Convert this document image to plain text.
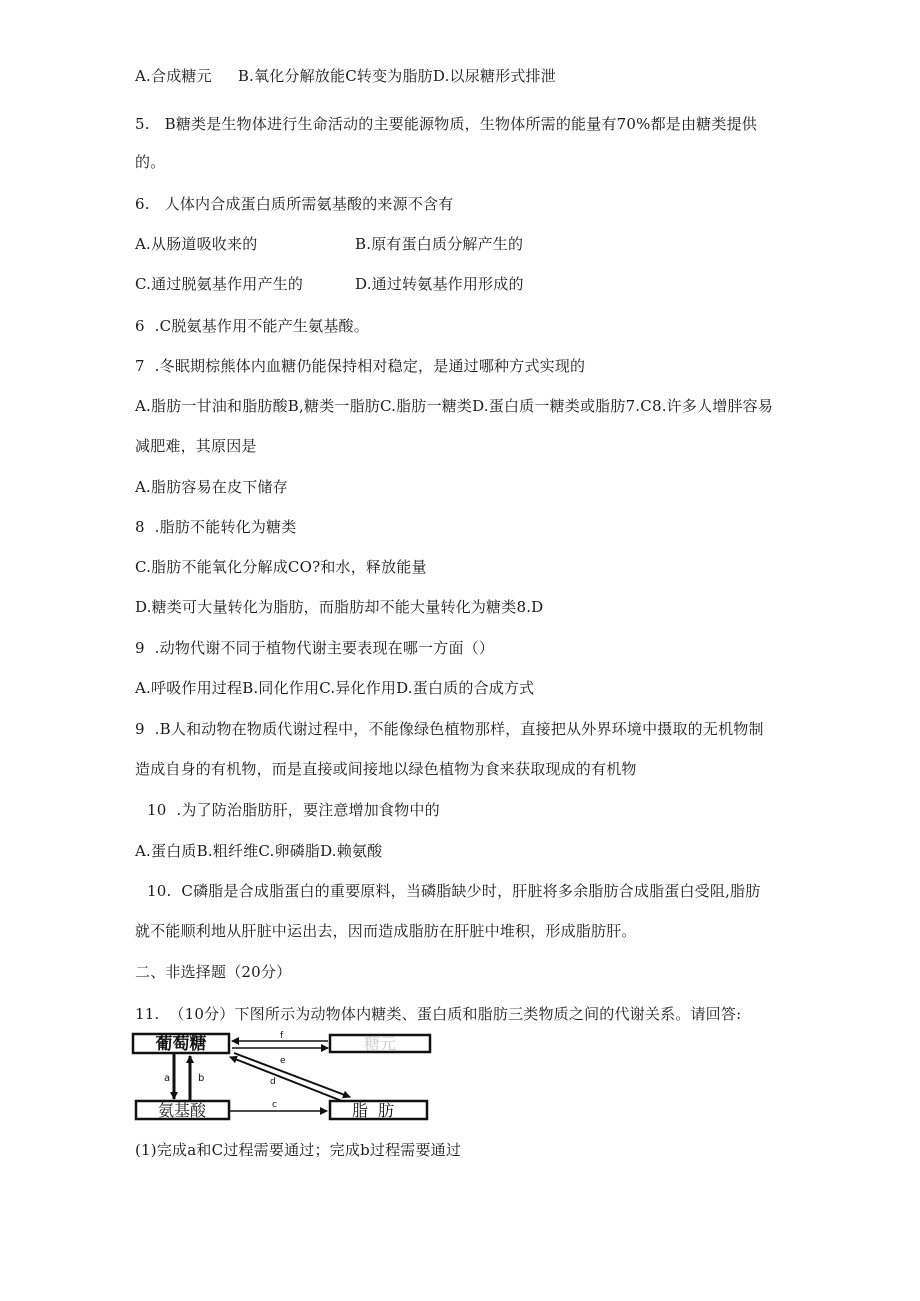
A.合成糖元 B.氧化分解放能C转变为脂肪D.以尿糖形式排泄
5.   B糖类是生物体进行生命活动的主要能源物质，生物体所需的能量有70%都是由糖类提供
的。
6.   人体内合成蛋白质所需氨基酸的来源不含有
A.从肠道吸收来的	B.原有蛋白质分解产生的
C.通过脱氨基作用产生的	D.通过转氨基作用形成的
6  .C脱氨基作用不能产生氨基酸。
7  .冬眠期棕熊体内血糖仍能保持相对稳定，是通过哪种方式实现的
A.脂肪一甘油和脂肪酸B,糖类一脂肪C.脂肪一糖类D.蛋白质一糖类或脂肪7.C8.许多人增胖容易
减肥难，其原因是
A.脂肪容易在皮下储存
8  .脂肪不能转化为糖类
C.脂肪不能氧化分解成CO?和水，释放能量
D.糖类可大量转化为脂肪，而脂肪却不能大量转化为糖类8.D
9  .动物代谢不同于植物代谢主要表现在哪一方面（）
A.呼吸作用过程B.同化作用C.异化作用D.蛋白质的合成方式
9  .B人和动物在物质代谢过程中，不能像绿色植物那样，直接把从外界环境中摄取的无机物制
造成自身的有机物，而是直接或间接地以绿色植物为食来获取现成的有机物
10  .为了防治脂肪肝，要注意增加食物中的
A.蛋白质B.粗纤维C.卵磷脂D.赖氨酸
10.  C磷脂是合成脂蛋白的重要原料，当磷脂缺少时，肝脏将多余脂肪合成脂蛋白受阻,脂肪
就不能顺利地从肝脏中运出去，因而造成脂肪在肝脏中堆积，形成脂肪肝。
二、非选择题（20分）
11.  （10分）下图所示为动物体内糖类、蛋白质和脂肪三类物质之间的代谢关系。请回答:
葡萄糖	糖元
氨基酸	脂肪
a	b
f
e
d
c
(1)完成a和C过程需要通过；完成b过程需要通过
